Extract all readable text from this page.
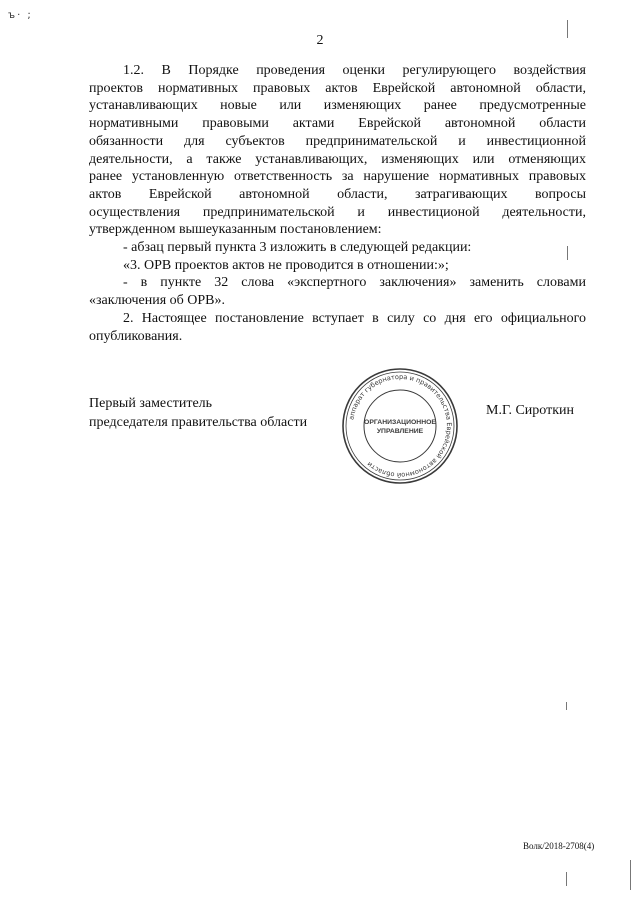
ъ· ;
2

1.2. В Порядке проведения оценки регулирующего воздействия

проектов нормативных правовых актов Еврейской автономной области,

устанавливающих новые или изменяющих ранее предусмотренные

нормативными правовыми актами Еврейской автономной области

обязанности для субъектов предпринимательской и инвестиционной

деятельности, а также устанавливающих, изменяющих или отменяющих

ранее установленную ответственность за нарушение нормативных правовых

актов Еврейской автономной области, затрагивающих вопросы

осуществления предпринимательской и инвестиционой деятельности,

утвержденном вышеуказанным постановлением:

- абзац первый пункта 3 изложить в следующей редакции:

«3. ОРВ проектов актов не проводится в отношении:»;

- в пункте 32 слова «экспертного заключения» заменить словами

«заключения об ОРВ».

2. Настоящее постановление вступает в силу со дня его официального

опубликования.

Первый заместитель
председателя правительства области	аппарат губернатора и правительства Еврейской автономной области
ОРГАНИЗАЦИОННОЕ
УПРАВЛЕНИЕ
М.Г. Сироткин
Волк/2018-2708(4)
